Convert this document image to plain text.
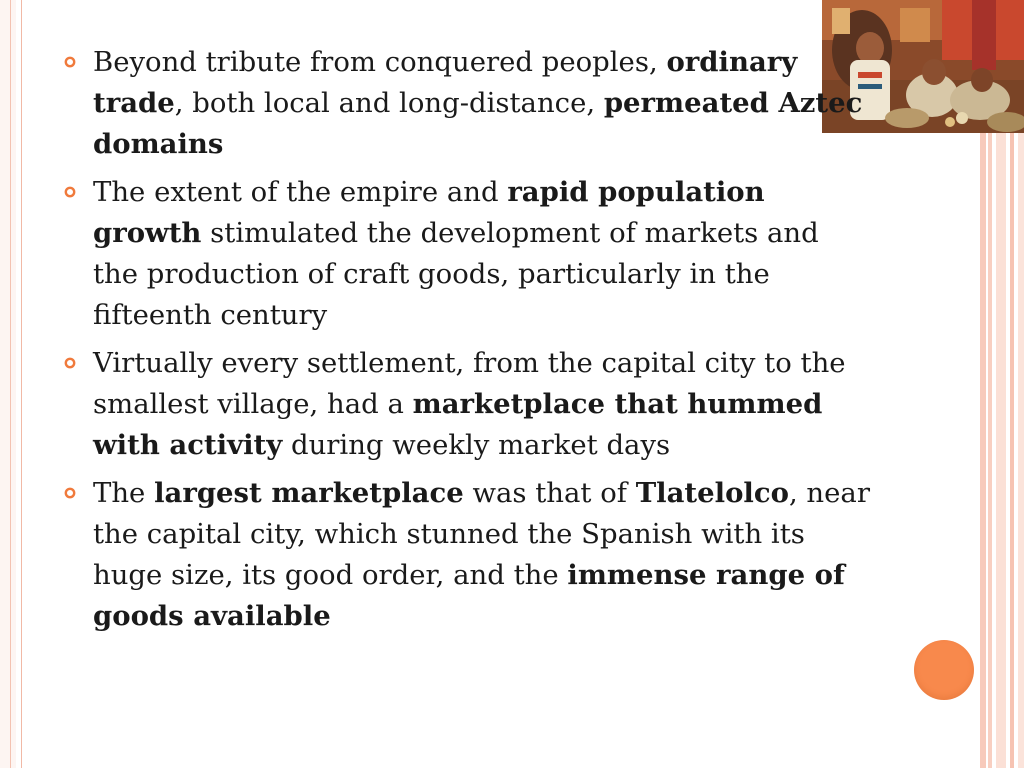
Beyond tribute from conquered peoples, ordinary trade, both local and long-distance, permeated Aztec domains
The extent of the empire and rapid population growth stimulated the development of markets and the production of craft goods, particularly in the fifteenth century
Virtually every settlement, from the capital city to the smallest village, had a marketplace that hummed with activity during weekly market days
The largest marketplace was that of Tlatelolco, near the capital city, which stunned the Spanish with its huge size, its good order, and the immense range of goods available
